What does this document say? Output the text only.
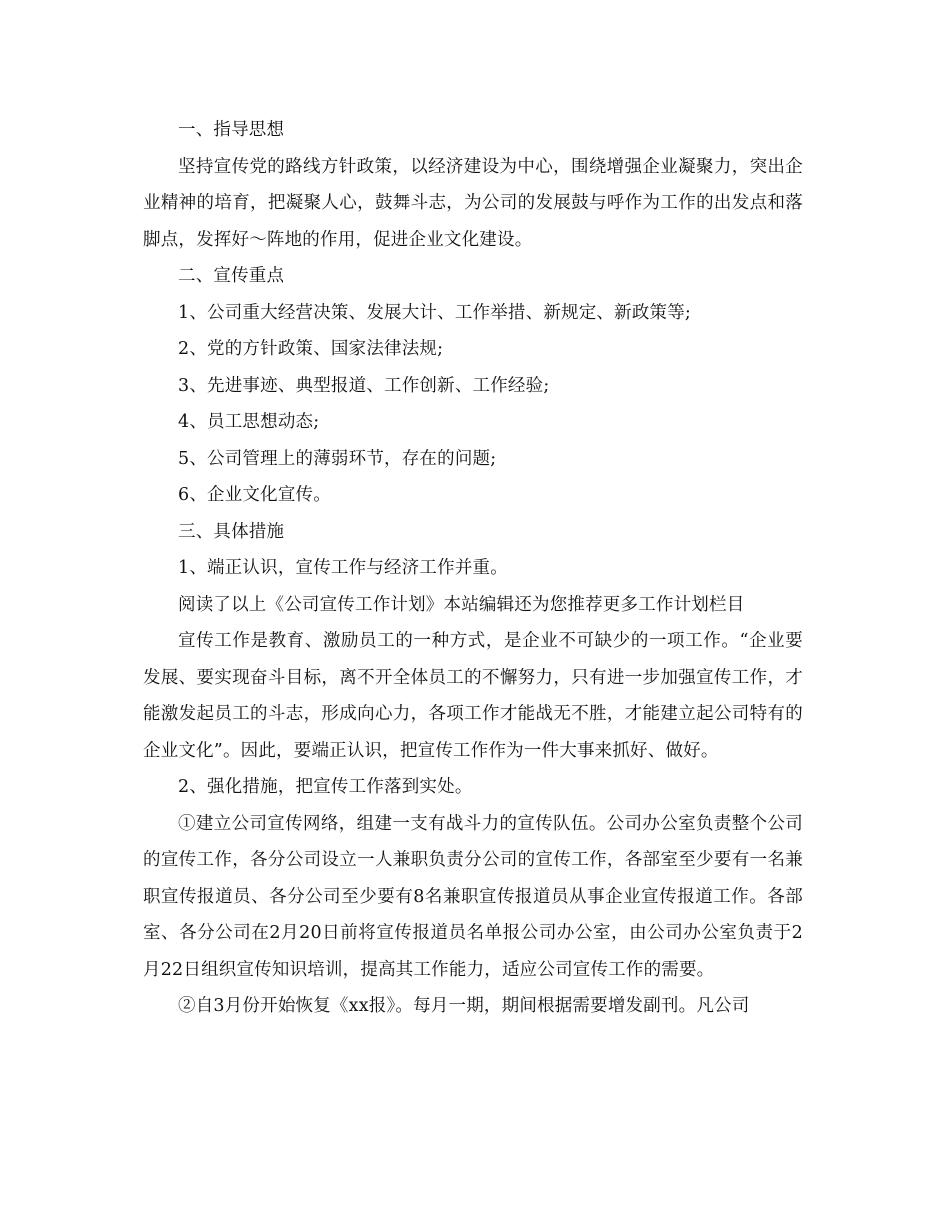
一、指导思想

坚持宣传党的路线方针政策，以经济建设为中心，围绕增强企业凝聚力，突出企业精神的培育，把凝聚人心，鼓舞斗志，为公司的发展鼓与呼作为工作的出发点和落脚点，发挥好～阵地的作用，促进企业文化建设。

二、宣传重点

1、公司重大经营决策、发展大计、工作举措、新规定、新政策等;

2、党的方针政策、国家法律法规;

3、先进事迹、典型报道、工作创新、工作经验;

4、员工思想动态;

5、公司管理上的薄弱环节，存在的问题;

6、企业文化宣传。

三、具体措施

1、端正认识，宣传工作与经济工作并重。

阅读了以上《公司宣传工作计划》本站编辑还为您推荐更多工作计划栏目

宣传工作是教育、激励员工的一种方式，是企业不可缺少的一项工作。“企业要发展、要实现奋斗目标，离不开全体员工的不懈努力，只有进一步加强宣传工作，才能激发起员工的斗志，形成向心力，各项工作才能战无不胜，才能建立起公司特有的企业文化”。因此，要端正认识，把宣传工作作为一件大事来抓好、做好。

2、强化措施，把宣传工作落到实处。

①建立公司宣传网络，组建一支有战斗力的宣传队伍。公司办公室负责整个公司的宣传工作，各分公司设立一人兼职负责分公司的宣传工作，各部室至少要有一名兼职宣传报道员、各分公司至少要有8名兼职宣传报道员从事企业宣传报道工作。各部室、各分公司在2月20日前将宣传报道员名单报公司办公室，由公司办公室负责于2月22日组织宣传知识培训，提高其工作能力，适应公司宣传工作的需要。

②自3月份开始恢复《xx报》。每月一期，期间根据需要增发副刊。凡公司
